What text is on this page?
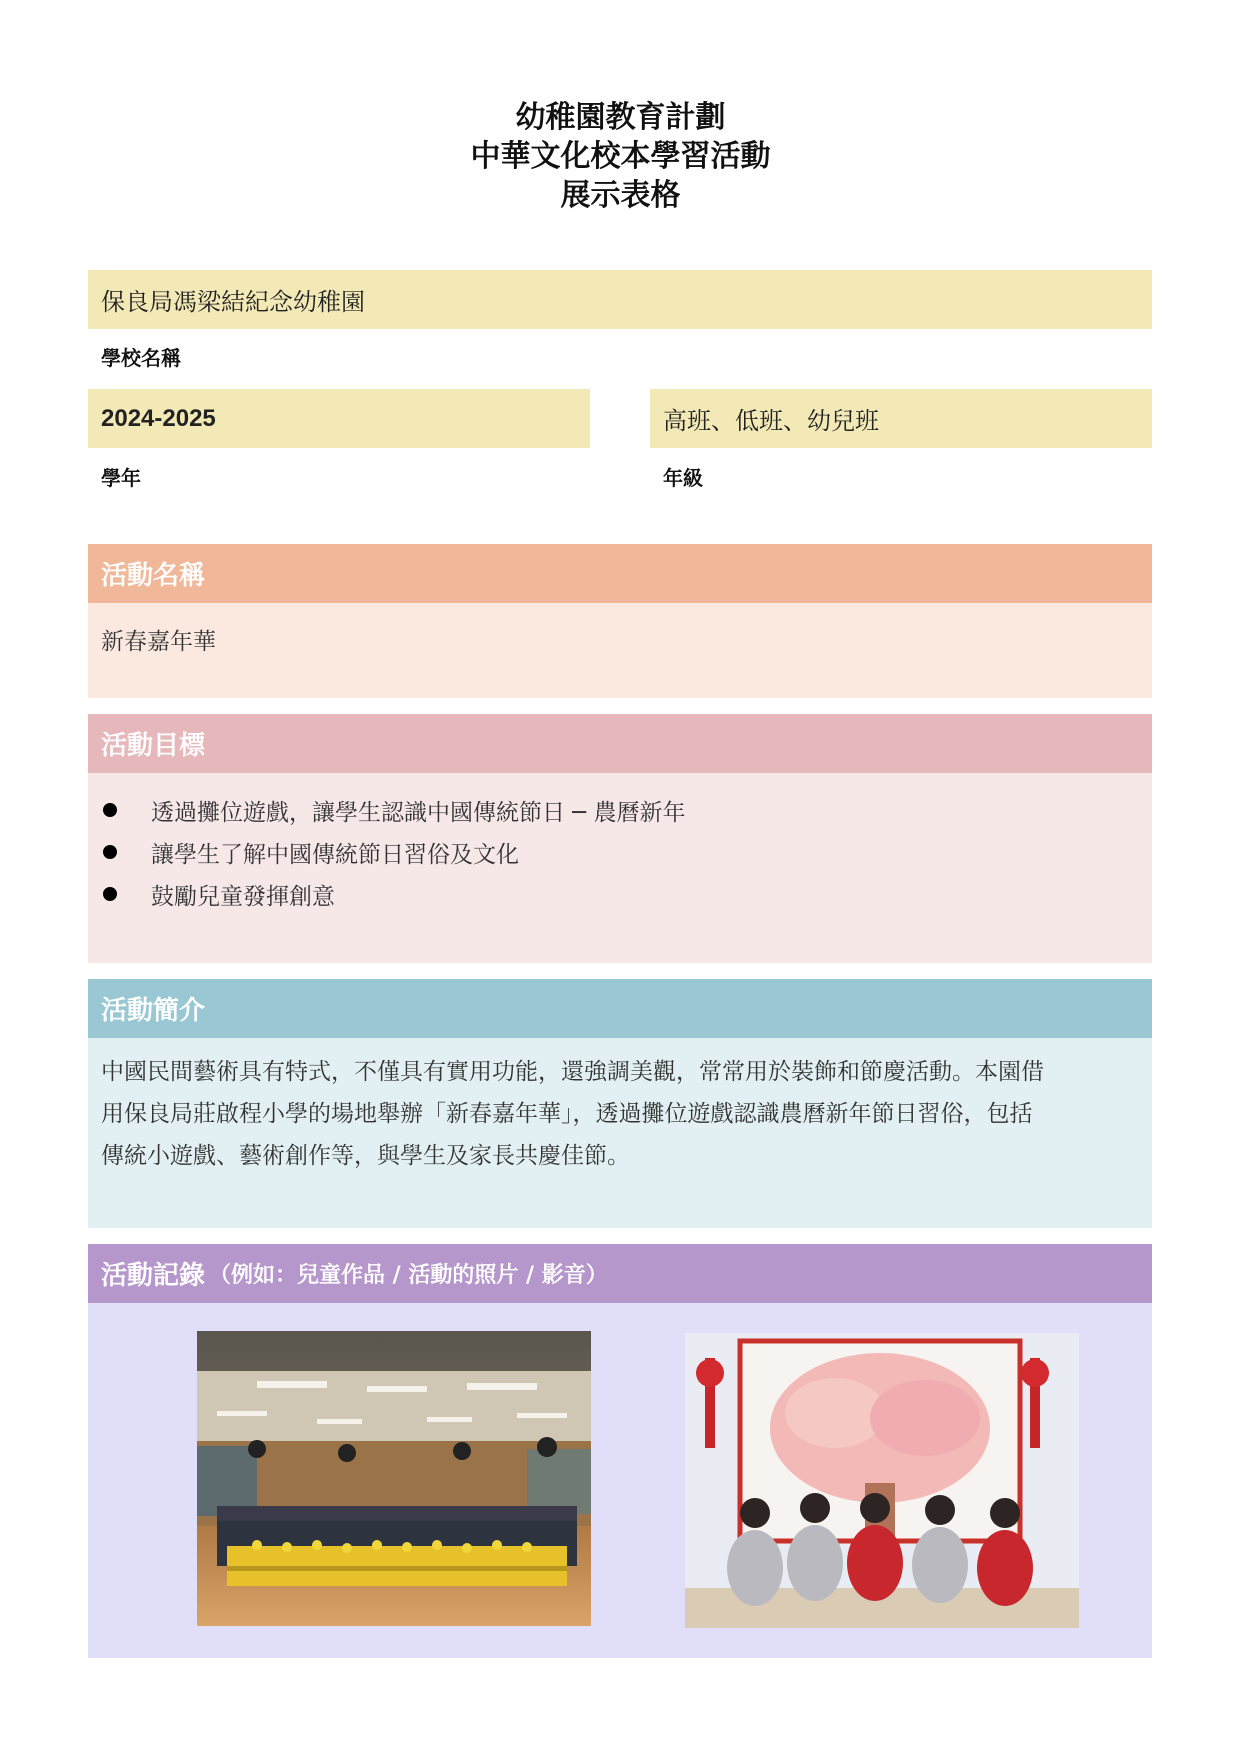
幼稚園教育計劃
中華文化校本學習活動
展示表格
保良局馮梁結紀念幼稚園
學校名稱
2024-2025
學年
高班、低班、幼兒班
年級
活動名稱
新春嘉年華
活動目標
透過攤位遊戲，讓學生認識中國傳統節日 ─ 農曆新年
讓學生了解中國傳統節日習俗及文化
鼓勵兒童發揮創意
活動簡介
中國民間藝術具有特式，不僅具有實用功能，還強調美觀，常常用於裝飾和節慶活動。本園借
用保良局莊啟程小學的場地舉辦「新春嘉年華」，透過攤位遊戲認識農曆新年節日習俗，包括
傳統小遊戲、藝術創作等，與學生及家長共慶佳節。
活動記錄 （例如：兒童作品 / 活動的照片 / 影音）
